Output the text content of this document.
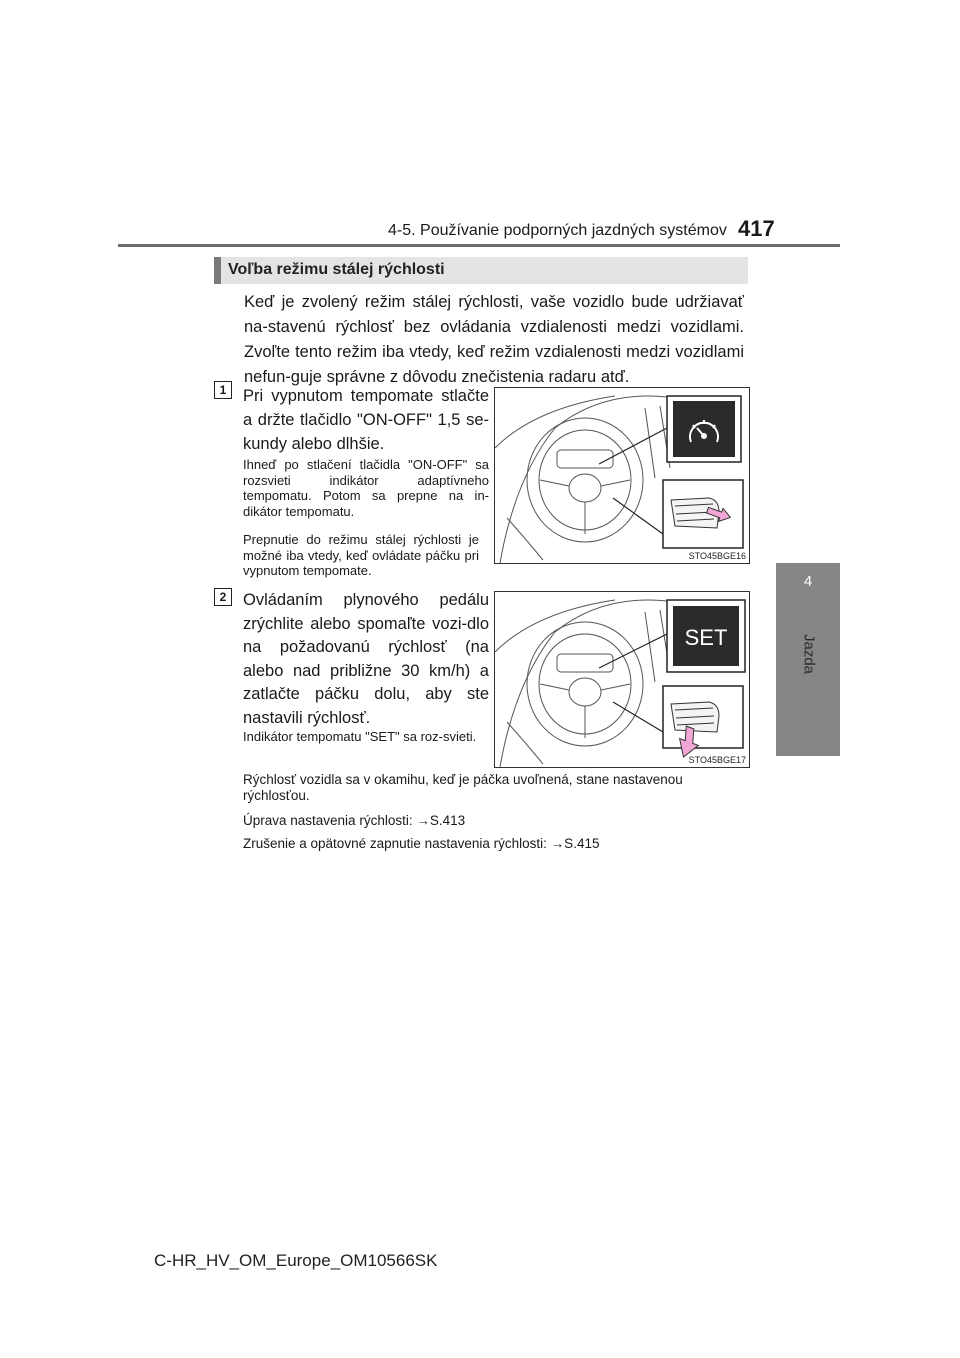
4-5. Používanie podporných jazdných systémov 417
4
Jazda
Voľba režimu stálej rýchlosti
Keď je zvolený režim stálej rýchlosti, vaše vozidlo bude udržiavať na-stavenú rýchlosť bez ovládania vzdialenosti medzi vozidlami. Zvoľte tento režim iba vtedy, keď režim vzdialenosti medzi vozidlami nefun-guje správne z dôvodu znečistenia radaru atď.
1	Pri vypnutom tempomate stlačte a držte tlačidlo "ON-OFF" 1,5 se-kundy alebo dlhšie.
Ihneď po stlačení tlačidla "ON-OFF" sa rozsvieti indikátor adaptívneho tempomatu. Potom sa prepne na in-dikátor tempomatu.
Prepnutie do režimu stálej rýchlosti je možné iba vtedy, keď ovládate páčku pri vypnutom tempomate.
STO45BGE16
2	Ovládaním plynového pedálu zrýchlite alebo spomaľte vozi-dlo na požadovanú rýchlosť (na alebo nad približne 30 km/h) a zatlačte páčku dolu, aby ste nastavili rýchlosť.
Indikátor tempomatu "SET" sa roz-svieti.
SET
STO45BGE17
Rýchlosť vozidla sa v okamihu, keď je páčka uvoľnená, stane nastavenou rýchlosťou.
Úprava nastavenia rýchlosti: →S.413
Zrušenie a opätovné zapnutie nastavenia rýchlosti: →S.415
C-HR_HV_OM_Europe_OM10566SK
